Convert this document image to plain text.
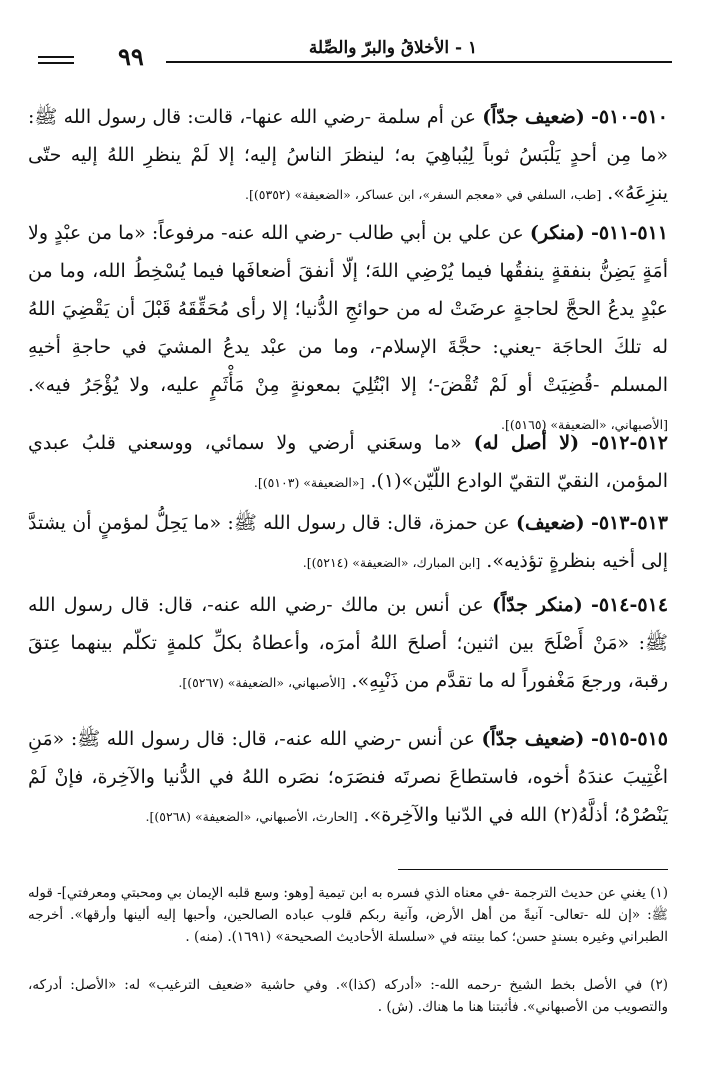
٩٩	١ - الأخلاقُ والبرّ والصِّلة
٥١٠-٥١٠- (ضعيف جدّاً) عن أم سلمة -رضي الله عنها-، قالت: قال رسول الله ﷺ: «ما مِن أحدٍ يَلْبَسُ ثوباً لِيُباهِيَ به؛ لينظرَ الناسُ إليه؛ إلا لَمْ ينظرِ اللهُ إليه حتّى ينزِعَهُ». [طب، السلفي في «معجم السفر»، ابن عساكر، «الضعيفة» (٥٣٥٢)].
٥١١-٥١١- (منكر) عن علي بن أبي طالب -رضي الله عنه- مرفوعاً: «ما من عبْدٍ ولا أمَةٍ يَضِنُّ بنفقةٍ ينفقُها فيما يُرْضِي اللهَ؛ إلّا أنفقَ أضعافَها فيما يُسْخِطُ الله، وما من عبْدٍ يدعُ الحجَّ لحاجةٍ عرضَتْ له من حوائجِ الدُّنيا؛ إلا رأى مُحَقِّقَهُ قَبْلَ أن يَقْضِيَ اللهُ له تلكَ الحاجَة -يعني: حجَّةَ الإسلام-، وما من عبْد يدعُ المشيَ في حاجةِ أخيهِ المسلم -قُضِيَتْ أو لَمْ تُقْضَ-؛ إلا ابْتُلِيَ بمعونةٍ مِنْ مَأْثَمٍ عليه، ولا يُؤْجَرُ فيه». [الأصبهاني، «الضعيفة» (٥١٦٥)].
٥١٢-٥١٢- (لا أصل له) «ما وسعَني أرضي ولا سمائي، ووسعني قلبُ عبدي المؤمن، النقيّ التقيّ الوادع اللّيّن»(١). [«الضعيفة» (٥١٠٣)].
٥١٣-٥١٣- (ضعيف) عن حمزة، قال: قال رسول الله ﷺ: «ما يَحِلُّ لمؤمنٍ أن يشتدَّ إلى أخيه بنظرةٍ تؤذيه». [ابن المبارك، «الضعيفة» (٥٢١٤)].
٥١٤-٥١٤- (منكر جدّاً) عن أنس بن مالك -رضي الله عنه-، قال: قال رسول الله ﷺ: «مَنْ أَصْلَحَ بين اثنين؛ أصلحَ اللهُ أمرَه، وأعطاهُ بكلِّ كلمةٍ تكلّم بينهما عِتقَ رقبة، ورجعَ مَغْفوراً له ما تقدَّم من ذَنْبِهِ». [الأصبهاني، «الضعيفة» (٥٢٦٧)].
٥١٥-٥١٥- (ضعيف جدّاً) عن أنس -رضي الله عنه-، قال: قال رسول الله ﷺ: «مَنِ اغْتِيبَ عندَهُ أخوه، فاستطاعَ نصرتَه فنصَرَه؛ نصَره اللهُ في الدُّنيا والآخِرة، فإنْ لَمْ يَنْصُرْهُ؛ أذلَّهُ(٢) الله في الدّنيا والآخِرة». [الحارث، الأصبهاني، «الضعيفة» (٥٢٦٨)].
(١) يغني عن حديث الترجمة -في معناه الذي فسره به ابن تيمية [وهو: وسع قلبه الإيمان بي ومحبتي ومعرفتي]- قوله ﷺ: «إن لله -تعالى- آنيةً من أهل الأرض، وآنية ربكم قلوب عباده الصالحين، وأحبها إليه ألينها وأرقها». أخرجه الطبراني وغيره بسندٍ حسن؛ كما بينته في «سلسلة الأحاديث الصحيحة» (١٦٩١). (منه) .
(٢) في الأصل بخط الشيخ -رحمه الله-: «أدركه (كذا)». وفي حاشية «ضعيف الترغيب» له: «الأصل: أدركه، والتصويب من الأصبهاني». فأثبتنا هنا ما هناك. (ش) .
